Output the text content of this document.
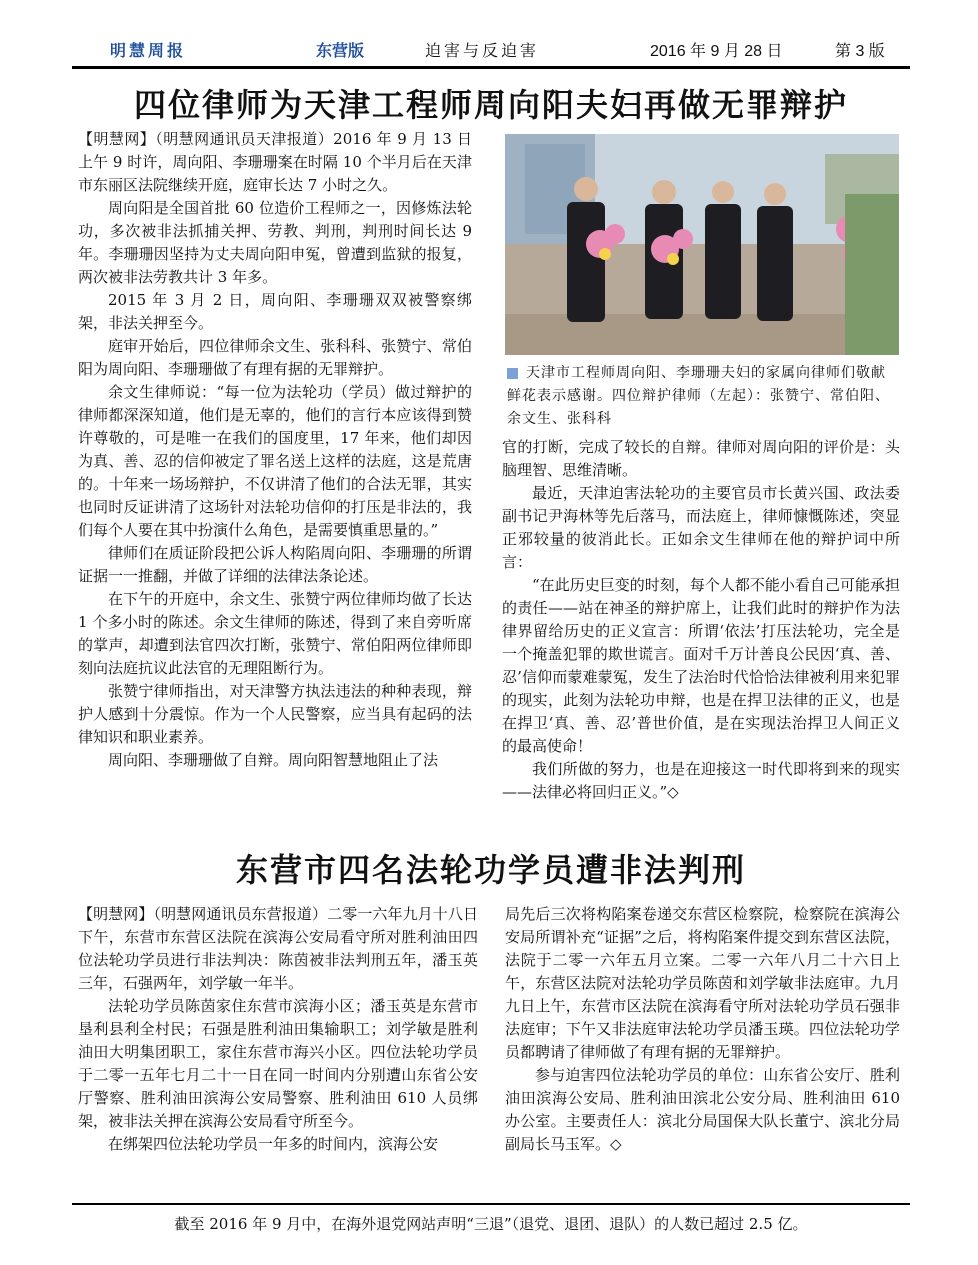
明慧周报	东营版	迫害与反迫害	2016 年 9 月 28 日	第 3 版
四位律师为天津工程师周向阳夫妇再做无罪辩护

【明慧网】（明慧网通讯员天津报道）2016 年 9 月 13 日上午 9 时许，周向阳、李珊珊案在时隔 10 个半月后在天津市东丽区法院继续开庭，庭审长达 7 小时之久。

周向阳是全国首批 60 位造价工程师之一，因修炼法轮功，多次被非法抓捕关押、劳教、判刑，判刑时间长达 9 年。李珊珊因坚持为丈夫周向阳申冤，曾遭到监狱的报复，两次被非法劳教共计 3 年多。

2015 年 3 月 2 日，周向阳、李珊珊双双被警察绑架，非法关押至今。

庭审开始后，四位律师余文生、张科科、张赞宁、常伯阳为周向阳、李珊珊做了有理有据的无罪辩护。

余文生律师说：“每一位为法轮功（学员）做过辩护的律师都深深知道，他们是无辜的，他们的言行本应该得到赞许尊敬的，可是唯一在我们的国度里，17 年来，他们却因为真、善、忍的信仰被定了罪名送上这样的法庭，这是荒唐的。十年来一场场辩护，不仅讲清了他们的合法无罪，其实也同时反证讲清了这场针对法轮功信仰的打压是非法的，我们每个人要在其中扮演什么角色，是需要慎重思量的。”

律师们在质证阶段把公诉人构陷周向阳、李珊珊的所谓证据一一推翻，并做了详细的法律法条论述。

在下午的开庭中，余文生、张赞宁两位律师均做了长达 1 个多小时的陈述。余文生律师的陈述，得到了来自旁听席的掌声，却遭到法官四次打断，张赞宁、常伯阳两位律师即刻向法庭抗议此法官的无理阻断行为。

张赞宁律师指出，对天津警方执法违法的种种表现，辩护人感到十分震惊。作为一个人民警察，应当具有起码的法律知识和职业素养。

周向阳、李珊珊做了自辩。周向阳智慧地阻止了法

天津市工程师周向阳、李珊珊夫妇的家属向律师们敬献鲜花表示感谢。四位辩护律师（左起）：张赞宁、常伯阳、余文生、张科科

官的打断，完成了较长的自辩。律师对周向阳的评价是：头脑理智、思维清晰。

最近，天津迫害法轮功的主要官员市长黄兴国、政法委副书记尹海林等先后落马，而法庭上，律师慷慨陈述，突显正邪较量的彼消此长。正如余文生律师在他的辩护词中所言：

“在此历史巨变的时刻，每个人都不能小看自己可能承担的责任——站在神圣的辩护席上，让我们此时的辩护作为法律界留给历史的正义宣言：所谓‘依法’打压法轮功，完全是一个掩盖犯罪的欺世谎言。面对千万计善良公民因‘真、善、忍’信仰而蒙难蒙冤，发生了法治时代恰恰法律被利用来犯罪的现实，此刻为法轮功申辩，也是在捍卫法律的正义，也是在捍卫‘真、善、忍’普世价值，是在实现法治捍卫人间正义的最高使命！

我们所做的努力，也是在迎接这一时代即将到来的现实——法律必将回归正义。”◇

东营市四名法轮功学员遭非法判刑

【明慧网】（明慧网通讯员东营报道）二零一六年九月十八日下午，东营市东营区法院在滨海公安局看守所对胜利油田四位法轮功学员进行非法判决：陈茵被非法判刑五年，潘玉英三年，石强两年，刘学敏一年半。

法轮功学员陈茵家住东营市滨海小区；潘玉英是东营市垦利县利全村民；石强是胜利油田集输职工；刘学敏是胜利油田大明集团职工，家住东营市海兴小区。四位法轮功学员于二零一五年七月二十一日在同一时间内分别遭山东省公安厅警察、胜利油田滨海公安局警察、胜利油田 610 人员绑架，被非法关押在滨海公安局看守所至今。

在绑架四位法轮功学员一年多的时间内，滨海公安

局先后三次将构陷案卷递交东营区检察院，检察院在滨海公安局所谓补充“证据”之后，将构陷案件提交到东营区法院，法院于二零一六年五月立案。二零一六年八月二十六日上午，东营区法院对法轮功学员陈茵和刘学敏非法庭审。九月九日上午，东营市区法院在滨海看守所对法轮功学员石强非法庭审；下午又非法庭审法轮功学员潘玉瑛。四位法轮功学员都聘请了律师做了有理有据的无罪辩护。

参与迫害四位法轮功学员的单位：山东省公安厅、胜利油田滨海公安局、胜利油田滨北公安分局、胜利油田 610 办公室。主要责任人：滨北分局国保大队长董宁、滨北分局副局长马玉军。◇

截至 2016 年 9 月中，在海外退党网站声明“三退”（退党、退团、退队）的人数已超过 2.5 亿。
